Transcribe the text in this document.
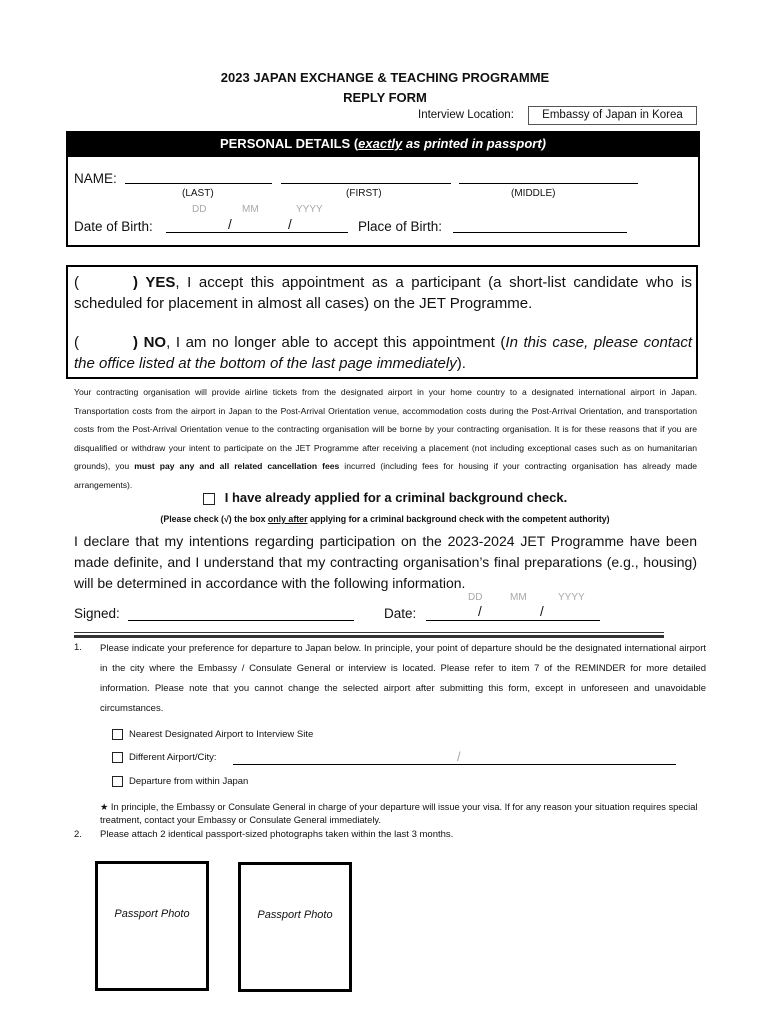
2023 JAPAN EXCHANGE & TEACHING PROGRAMME
REPLY FORM
Interview Location:	Embassy of Japan in Korea
PERSONAL DETAILS (exactly as printed in passport)
NAME:
(LAST)	(FIRST)	(MIDDLE)
DD	MM	YYYY
Date of Birth:	/	/	Place of Birth:
(	) YES, I accept this appointment as a participant (a short-list candidate who is scheduled for placement in almost all cases) on the JET Programme.
(	) NO, I am no longer able to accept this appointment (In this case, please contact the office listed at the bottom of the last page immediately).
Your contracting organisation will provide airline tickets from the designated airport in your home country to a designated international airport in Japan. Transportation costs from the airport in Japan to the Post-Arrival Orientation venue, accommodation costs during the Post-Arrival Orientation, and transportation costs from the Post-Arrival Orientation venue to the contracting organisation will be borne by your contracting organisation. It is for these reasons that if you are disqualified or withdraw your intent to participate on the JET Programme after receiving a placement (not including exceptional cases such as on humanitarian grounds), you must pay any and all related cancellation fees incurred (including fees for housing if your contracting organisation has already made arrangements).
I have already applied for a criminal background check.
(Please check (√) the box only after applying for a criminal background check with the competent authority)
I declare that my intentions regarding participation on the 2023-2024 JET Programme have been made definite, and I understand that my contracting organisation’s final preparations (e.g., housing) will be determined in accordance with the following information.
DD	MM	YYYY
Signed:	Date:	/	/
1. Please indicate your preference for departure to Japan below. In principle, your point of departure should be the designated international airport in the city where the Embassy / Consulate General or interview is located. Please refer to item 7 of the REMINDER for more detailed information. Please note that you cannot change the selected airport after submitting this form, except in unforeseen and unavoidable circumstances.
Nearest Designated Airport to Interview Site
Different Airport/City:	/
Departure from within Japan
★ In principle, the Embassy or Consulate General in charge of your departure will issue your visa. If for any reason your situation requires special treatment, contact your Embassy or Consulate General immediately.
2. Please attach 2 identical passport-sized photographs taken within the last 3 months.
Passport Photo	Passport Photo
